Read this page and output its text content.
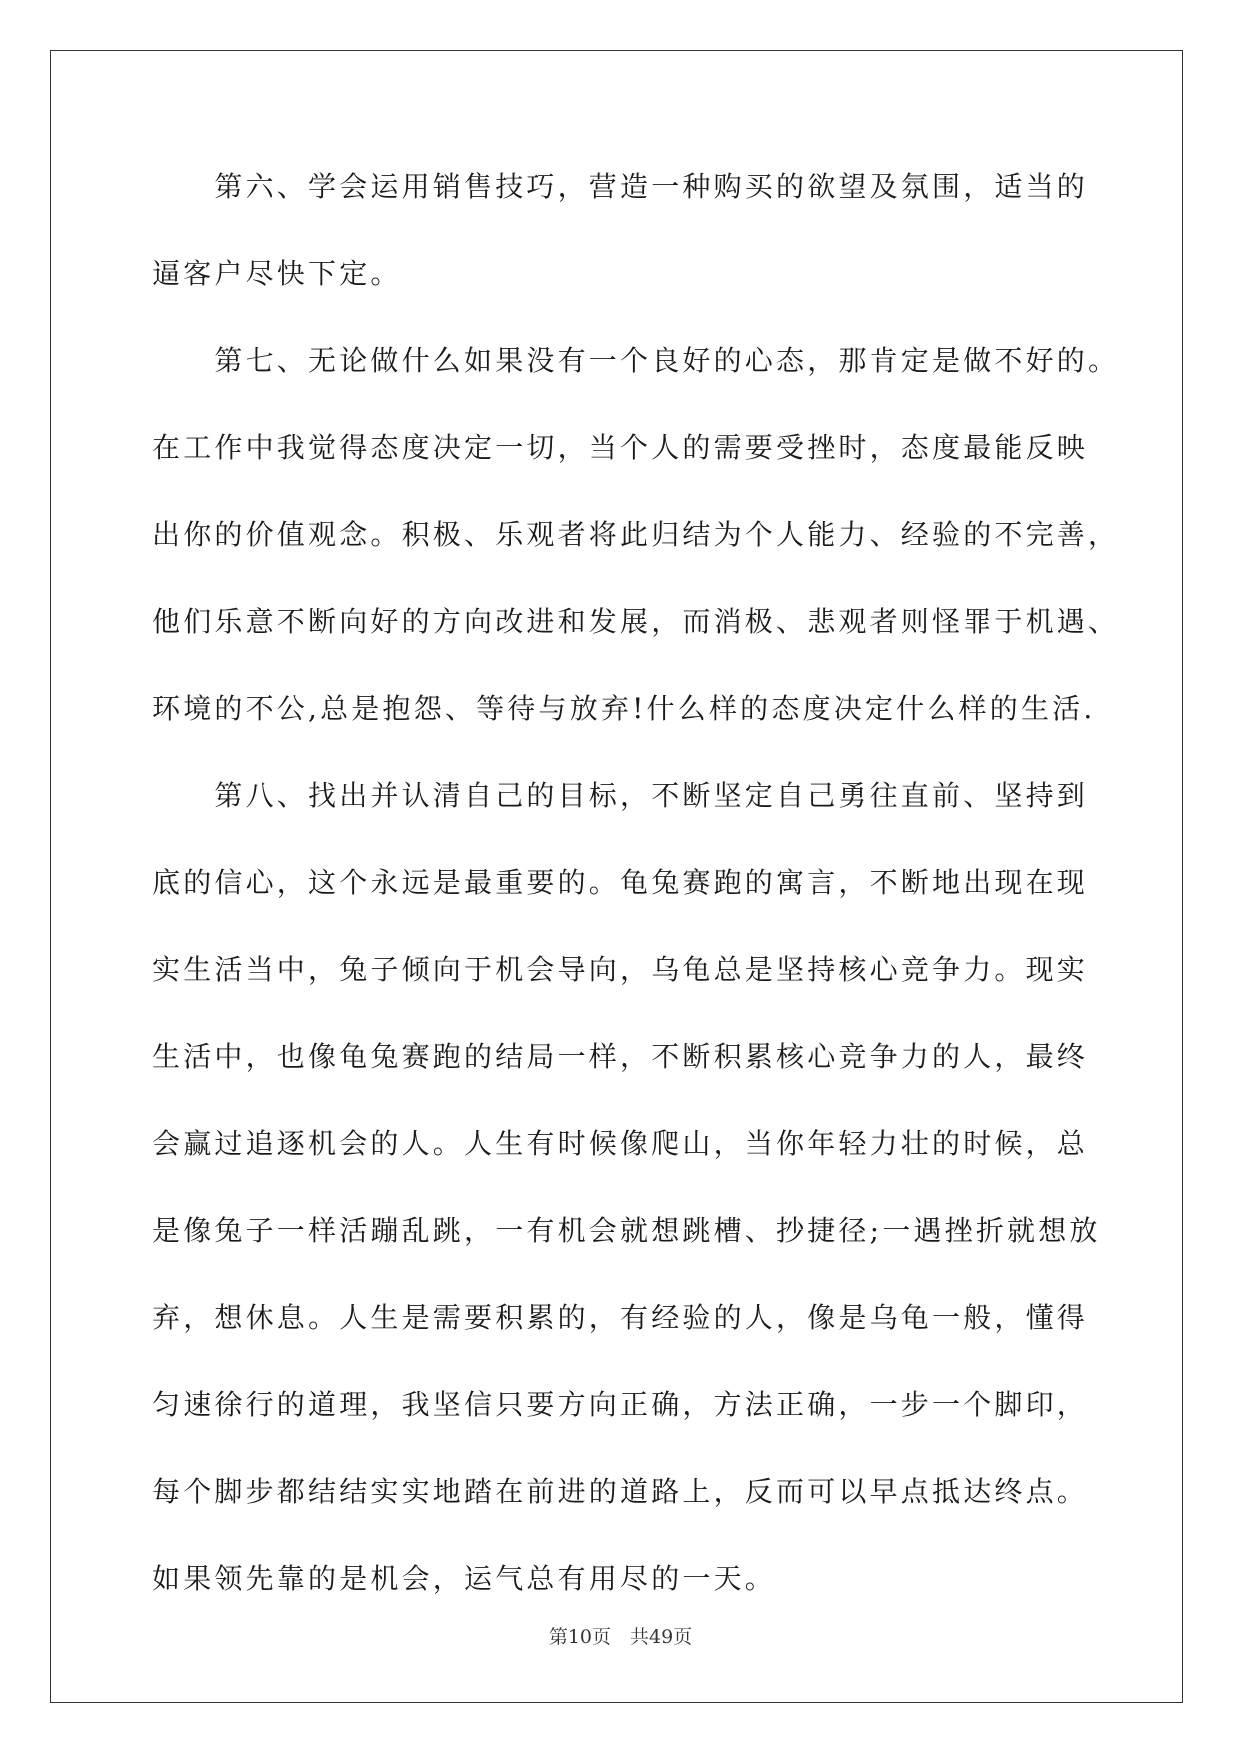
　　第六、学会运用销售技巧，营造一种购买的欲望及氛围，适当的
逼客户尽快下定。
　　第七、无论做什么如果没有一个良好的心态，那肯定是做不好的。
在工作中我觉得态度决定一切，当个人的需要受挫时，态度最能反映
出你的价值观念。积极、乐观者将此归结为个人能力、经验的不完善，
他们乐意不断向好的方向改进和发展，而消极、悲观者则怪罪于机遇、
环境的不公,总是抱怨、等待与放弃!什么样的态度决定什么样的生活.
　　第八、找出并认清自己的目标，不断坚定自己勇往直前、坚持到
底的信心，这个永远是最重要的。龟兔赛跑的寓言，不断地出现在现
实生活当中，兔子倾向于机会导向，乌龟总是坚持核心竞争力。现实
生活中，也像龟兔赛跑的结局一样，不断积累核心竞争力的人，最终
会赢过追逐机会的人。人生有时候像爬山，当你年轻力壮的时候，总
是像兔子一样活蹦乱跳，一有机会就想跳槽、抄捷径;一遇挫折就想放
弃，想休息。人生是需要积累的，有经验的人，像是乌龟一般，懂得
匀速徐行的道理，我坚信只要方向正确，方法正确，一步一个脚印，
每个脚步都结结实实地踏在前进的道路上，反而可以早点抵达终点。
如果领先靠的是机会，运气总有用尽的一天。
第10页　共49页
